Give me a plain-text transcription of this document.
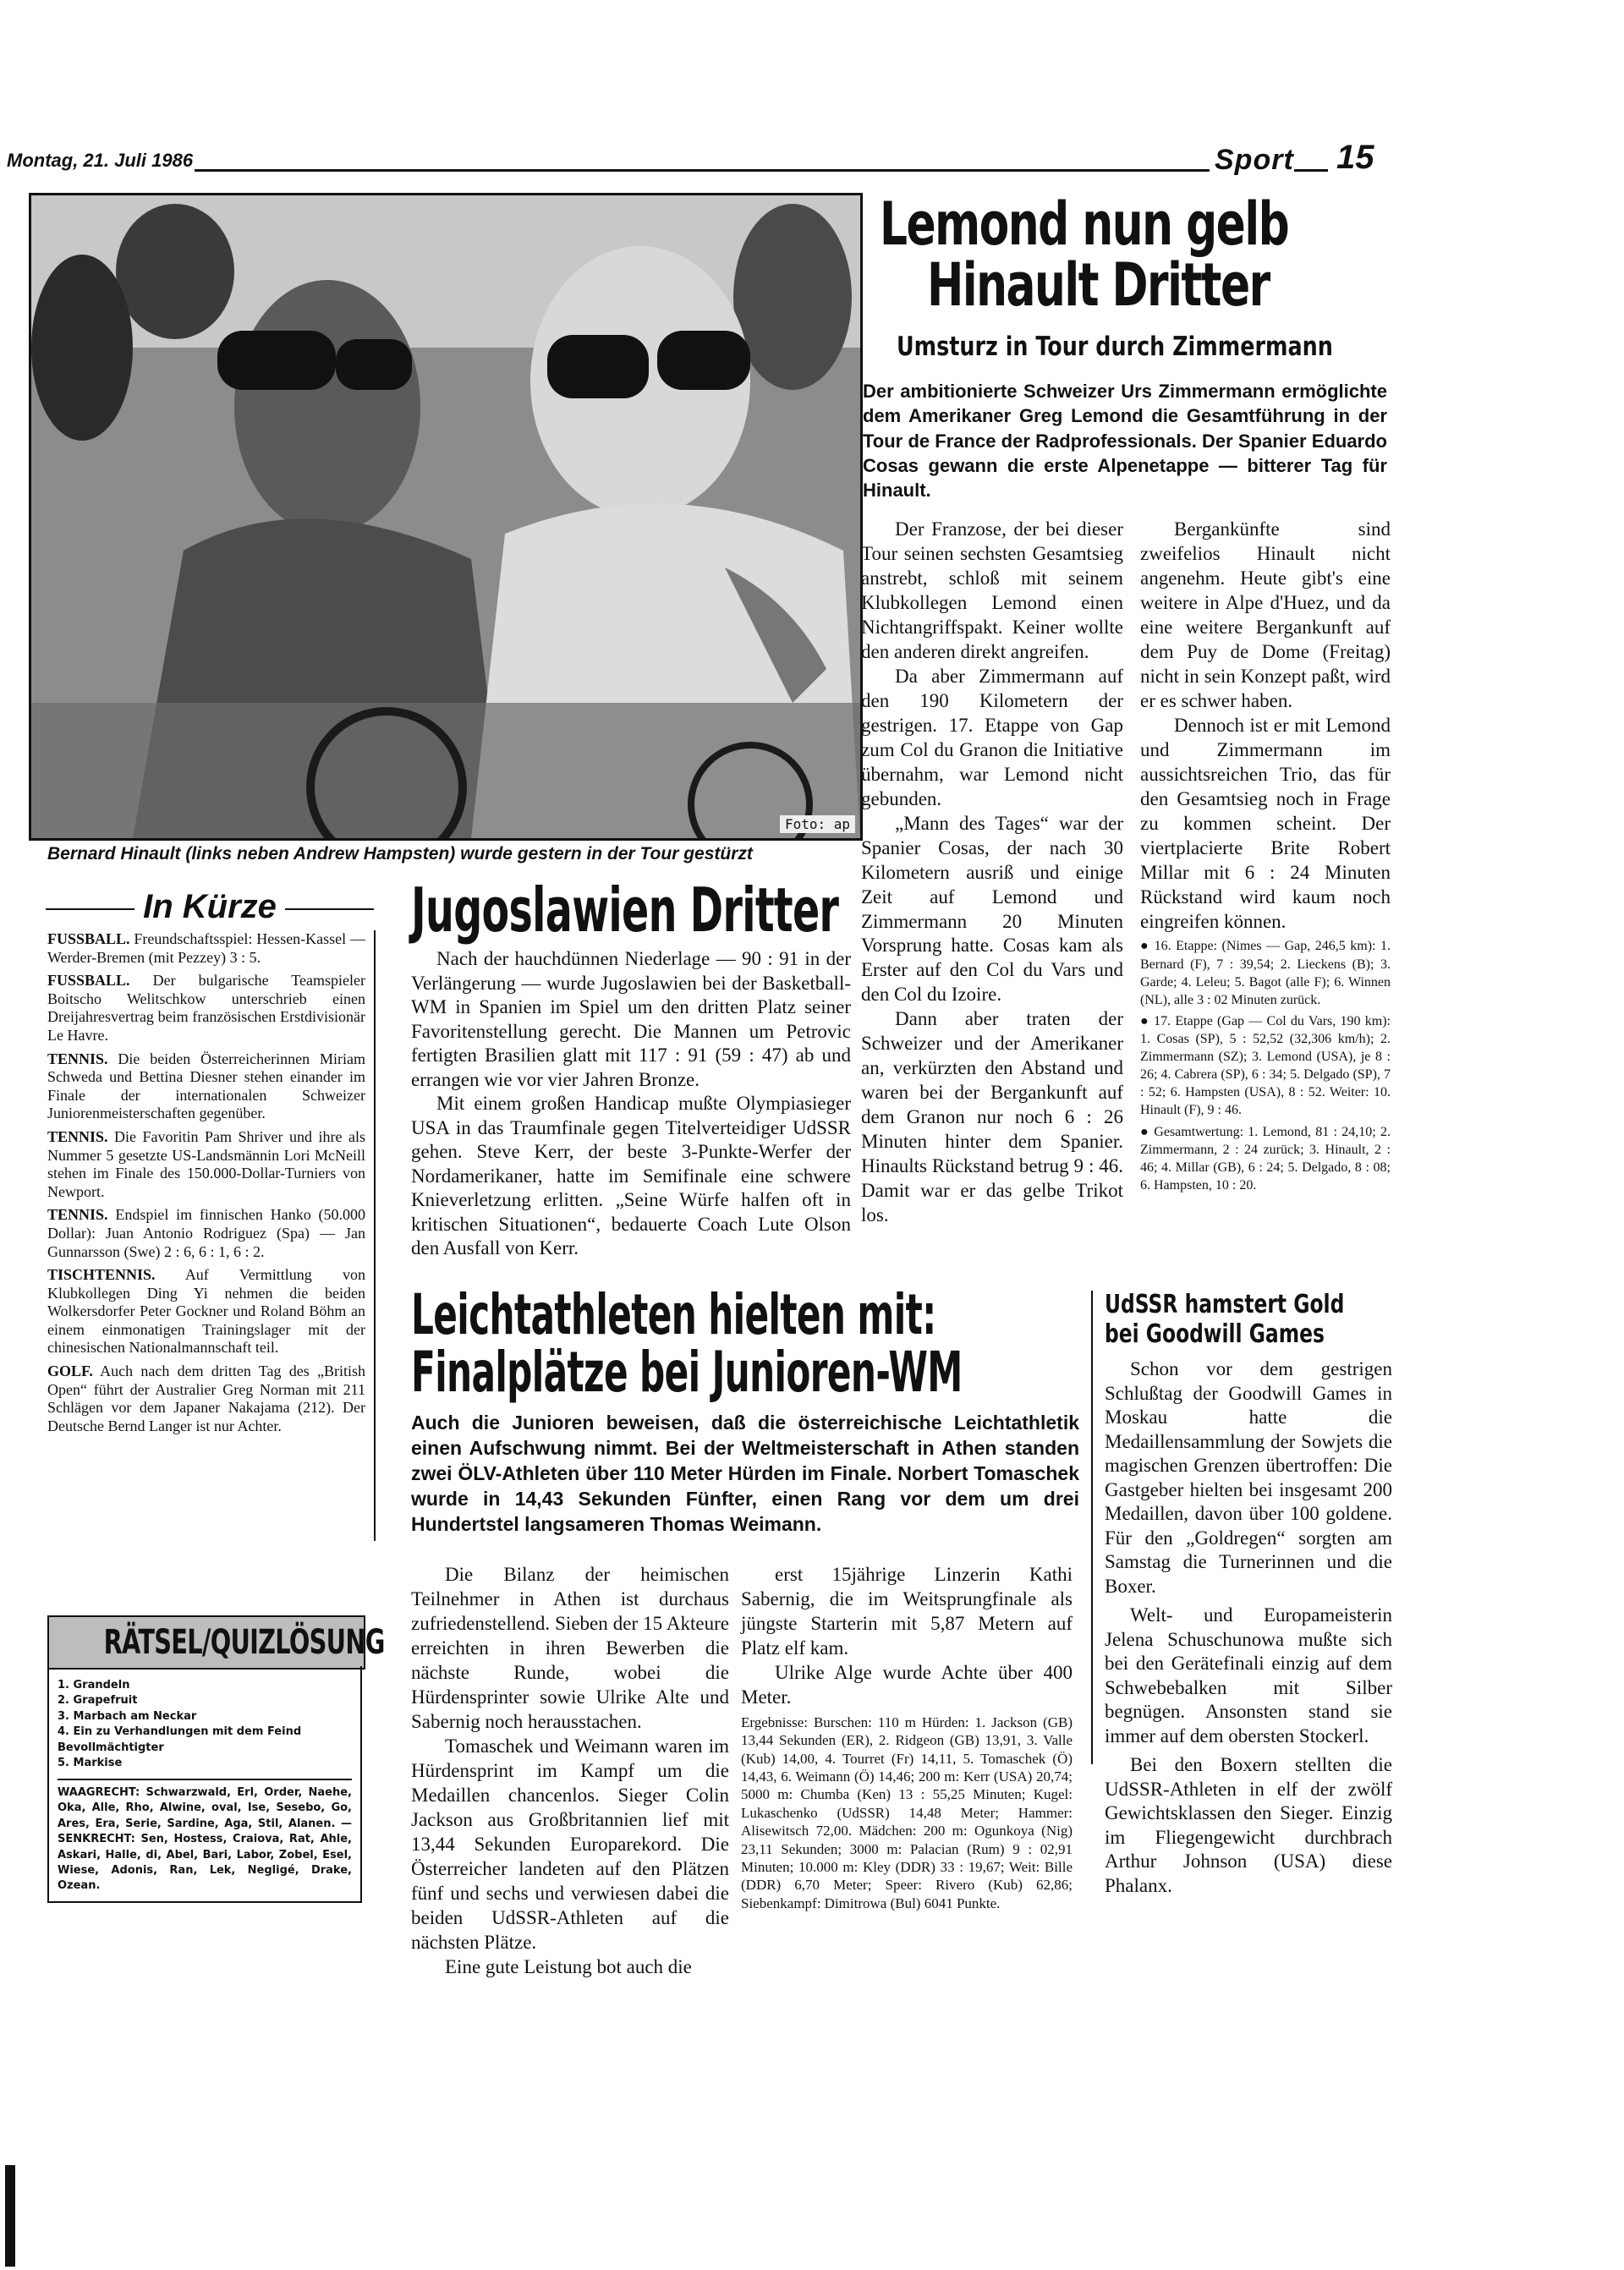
Montag, 21. Juli 1986	Sport 15
Foto: ap
Bernard Hinault (links neben Andrew Hampsten) wurde gestern in der Tour gestürzt
Lemond nun gelb
Hinault Dritter
Umsturz in Tour durch Zimmermann
Der ambitionierte Schweizer Urs Zimmermann ermöglichte dem Amerikaner Greg Lemond die Gesamtführung in der Tour de France der Radprofessionals. Der Spanier Eduardo Cosas gewann die erste Alpenetappe — bitterer Tag für Hinault.

Der Franzose, der bei dieser Tour seinen sechsten Gesamtsieg anstrebt, schloß mit seinem Klubkollegen Lemond einen Nichtangriffspakt. Keiner wollte den anderen direkt angreifen.

Da aber Zimmermann auf den 190 Kilometern der gestrigen. 17. Etappe von Gap zum Col du Granon die Initiative übernahm, war Lemond nicht gebunden.

„Mann des Tages“ war der Spanier Cosas, der nach 30 Kilometern ausriß und einige Zeit auf Lemond und Zimmermann 20 Minuten Vorsprung hatte. Cosas kam als Erster auf den Col du Vars und den Col du Izoire.

Dann aber traten der Schweizer und der Amerikaner an, verkürzten den Abstand und waren bei der Bergankunft auf dem Granon nur noch 6 : 26 Minuten hinter dem Spanier. Hinaults Rückstand betrug 9 : 46. Damit war er das gelbe Trikot los.

Bergankünfte sind zweifelios Hinault nicht angenehm. Heute gibt's eine weitere in Alpe d'Huez, und da eine weitere Bergankunft auf dem Puy de Dome (Freitag) nicht in sein Konzept paßt, wird er es schwer haben.

Dennoch ist er mit Lemond und Zimmermann im aussichtsreichen Trio, das für den Gesamtsieg noch in Frage zu kommen scheint. Der viertplacierte Brite Robert Millar mit 6 : 24 Minuten Rückstand wird kaum noch eingreifen können.

● 16. Etappe: (Nimes — Gap, 246,5 km): 1. Bernard (F), 7 : 39,54; 2. Lieckens (B); 3. Garde; 4. Leleu; 5. Bagot (alle F); 6. Winnen (NL), alle 3 : 02 Minuten zurück.

● 17. Etappe (Gap — Col du Vars, 190 km): 1. Cosas (SP), 5 : 52,52 (32,306 km/h); 2. Zimmermann (SZ); 3. Lemond (USA), je 8 : 26; 4. Cabrera (SP), 6 : 34; 5. Delgado (SP), 7 : 52; 6. Hampsten (USA), 8 : 52. Weiter: 10. Hinault (F), 9 : 46.

● Gesamtwertung: 1. Lemond, 81 : 24,10; 2. Zimmermann, 2 : 24 zurück; 3. Hinault, 2 : 46; 4. Millar (GB), 6 : 24; 5. Delgado, 8 : 08; 6. Hampsten, 10 : 20.

In Kürze

FUSSBALL. Freundschaftsspiel: Hessen-Kassel — Werder-Bremen (mit Pezzey) 3 : 5.

FUSSBALL. Der bulgarische Teamspieler Boitscho Welitschkow unterschrieb einen Dreijahresvertrag beim französischen Erstdivisionär Le Havre.

TENNIS. Die beiden Österreicherinnen Miriam Schweda und Bettina Diesner stehen einander im Finale der internationalen Schweizer Juniorenmeisterschaften gegenüber.

TENNIS. Die Favoritin Pam Shriver und ihre als Nummer 5 gesetzte US-Landsmännin Lori McNeill stehen im Finale des 150.000-Dollar-Turniers von Newport.

TENNIS. Endspiel im finnischen Hanko (50.000 Dollar): Juan Antonio Rodriguez (Spa) — Jan Gunnarsson (Swe) 2 : 6, 6 : 1, 6 : 2.

TISCHTENNIS. Auf Vermittlung von Klubkollegen Ding Yi nehmen die beiden Wolkersdorfer Peter Gockner und Roland Böhm an einem einmonatigen Trainingslager mit der chinesischen Nationalmannschaft teil.

GOLF. Auch nach dem dritten Tag des „British Open“ führt der Australier Greg Norman mit 211 Schlägen vor dem Japaner Nakajama (212). Der Deutsche Bernd Langer ist nur Achter.

Jugoslawien Dritter

Nach der hauchdünnen Niederlage — 90 : 91 in der Verlängerung — wurde Jugoslawien bei der Basketball-WM in Spanien im Spiel um den dritten Platz seiner Favoritenstellung gerecht. Die Mannen um Petrovic fertigten Brasilien glatt mit 117 : 91 (59 : 47) ab und errangen wie vor vier Jahren Bronze.

Mit einem großen Handicap mußte Olympiasieger USA in das Traumfinale gegen Titelverteidiger UdSSR gehen. Steve Kerr, der beste 3-Punkte-Werfer der Nordamerikaner, hatte im Semifinale eine schwere Knieverletzung erlitten. „Seine Würfe halfen oft in kritischen Situationen“, bedauerte Coach Lute Olson den Ausfall von Kerr.

Leichtathleten hielten mit:
Finalplätze bei Junioren-WM
Auch die Junioren beweisen, daß die österreichische Leichtathletik einen Aufschwung nimmt. Bei der Weltmeisterschaft in Athen standen zwei ÖLV-Athleten über 110 Meter Hürden im Finale. Norbert Tomaschek wurde in 14,43 Sekunden Fünfter, einen Rang vor dem um drei Hundertstel langsameren Thomas Weimann.

Die Bilanz der heimischen Teilnehmer in Athen ist durchaus zufriedenstellend. Sieben der 15 Akteure erreichten in ihren Bewerben die nächste Runde, wobei die Hürdensprinter sowie Ulrike Alte und Sabernig noch herausstachen.

Tomaschek und Weimann waren im Hürdensprint im Kampf um die Medaillen chancenlos. Sieger Colin Jackson aus Großbritannien lief mit 13,44 Sekunden Europarekord. Die Österreicher landeten auf den Plätzen fünf und sechs und verwiesen dabei die beiden UdSSR-Athleten auf die nächsten Plätze.

Eine gute Leistung bot auch die

erst 15jährige Linzerin Kathi Sabernig, die im Weitsprungfinale als jüngste Starterin mit 5,87 Metern auf Platz elf kam.

Ulrike Alge wurde Achte über 400 Meter.

Ergebnisse: Burschen: 110 m Hürden: 1. Jackson (GB) 13,44 Sekunden (ER), 2. Ridgeon (GB) 13,91, 3. Valle (Kub) 14,00, 4. Tourret (Fr) 14,11, 5. Tomaschek (Ö) 14,43, 6. Weimann (Ö) 14,46; 200 m: Kerr (USA) 20,74; 5000 m: Chumba (Ken) 13 : 55,25 Minuten; Kugel: Lukaschenko (UdSSR) 14,48 Meter; Hammer: Alisewitsch 72,00. Mädchen: 200 m: Ogunkoya (Nig) 23,11 Sekunden; 3000 m: Palacian (Rum) 9 : 02,91 Minuten; 10.000 m: Kley (DDR) 33 : 19,67; Weit: Bille (DDR) 6,70 Meter; Speer: Rivero (Kub) 62,86; Siebenkampf: Dimitrowa (Bul) 6041 Punkte.

UdSSR hamstert Gold
bei Goodwill Games

Schon vor dem gestrigen Schlußtag der Goodwill Games in Moskau hatte die Medaillensammlung der Sowjets die magischen Grenzen übertroffen: Die Gastgeber hielten bei insgesamt 200 Medaillen, davon über 100 goldene. Für den „Goldregen“ sorgten am Samstag die Turnerinnen und die Boxer.

Welt- und Europameisterin Jelena Schuschunowa mußte sich bei den Gerätefinali einzig auf dem Schwebebalken mit Silber begnügen. Ansonsten stand sie immer auf dem obersten Stockerl.

Bei den Boxern stellten die UdSSR-Athleten in elf der zwölf Gewichtsklassen den Sieger. Einzig im Fliegengewicht durchbrach Arthur Johnson (USA) diese Phalanx.

RÄTSEL/QUIZLÖSUNG
1. Grandeln
2. Grapefruit
3. Marbach am Neckar
4. Ein zu Verhandlungen mit dem Feind Bevollmächtigter
5. Markise
WAAGRECHT: Schwarzwald, Erl, Order, Naehe, Oka, Alle, Rho, Alwine, oval, Ise, Sesebo, Go, Ares, Era, Serie, Sardine, Aga, Stil, Alanen. — SENKRECHT: Sen, Hostess, Craiova, Rat, Ahle, Askari, Halle, di, Abel, Bari, Labor, Zobel, Esel, Wiese, Adonis, Ran, Lek, Negligé, Drake, Ozean.
